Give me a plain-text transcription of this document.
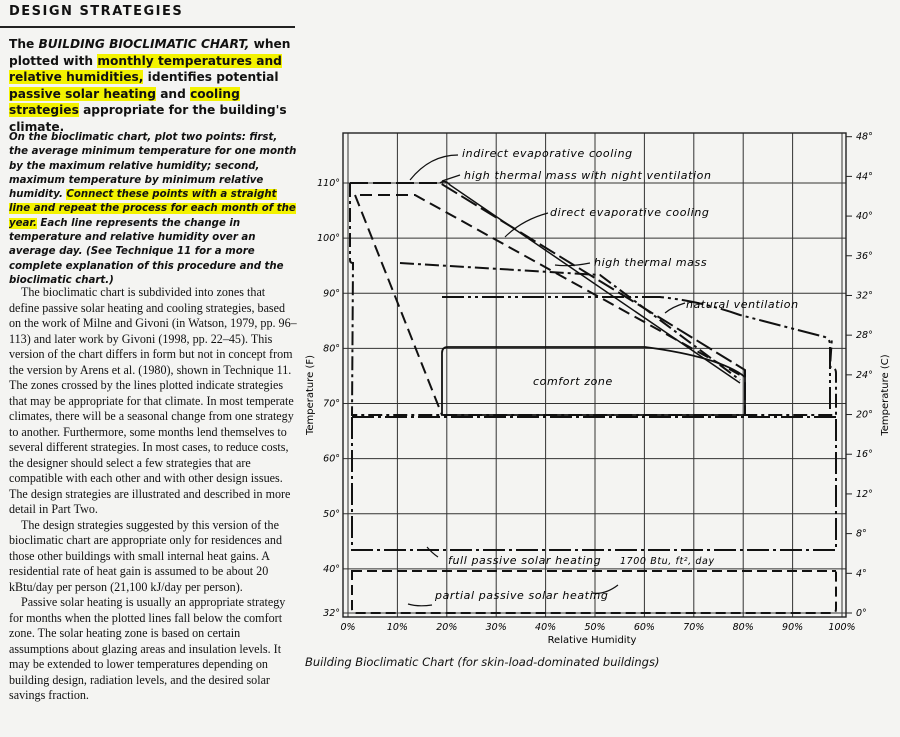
DESIGN STRATEGIES
The BUILDING BIOCLIMATIC CHART, when plotted with monthly temperatures and relative humidities, identifies potential passive solar heating and cooling strategies appropriate for the building's climate.
On the bioclimatic chart, plot two points: first, the average minimum temperature for one month by the maximum relative humidity; second, maximum temperature by minimum relative humidity. Connect these points with a straight line and repeat the process for each month of the year. Each line represents the change in temperature and relative humidity over an average day. (See Technique 11 for a more complete explanation of this procedure and the bioclimatic chart.)

The bioclimatic chart is subdivided into zones that define passive solar heating and cooling strategies, based on the work of Milne and Givoni (in Watson, 1979, pp. 96–113) and later work by Givoni (1998, pp. 22–45). This version of the chart differs in form but not in concept from the version by Arens et al. (1980), shown in Technique 11. The zones crossed by the lines plotted indicate strategies that may be appropriate for that climate. In most temperate climates, there will be a seasonal change from one strategy to another. Furthermore, some months lend themselves to several different strategies. In most cases, to reduce costs, the designer should select a few strategies that are compatible with each other and with other design issues. The design strategies are illustrated and described in more detail in Part Two.

The design strategies suggested by this version of the bioclimatic chart are appropriate only for residences and those other buildings with small internal heat gains. A residential rate of heat gain is assumed to be about 20 kBtu/day per person (21,100 kJ/day per person).

Passive solar heating is usually an appropriate strategy for months when the plotted lines fall below the comfort zone. The solar heating zone is based on certain assumptions about glazing areas and insulation levels. It may be extended to lower temperatures depending on building design, radiation levels, and the desired solar savings fraction.

0%	10%	20%	30%	40%	50%	60%	70%	80%	90%	100%
110°
100°
90°
80°
70°
60°
50°
40°
32°
48°
44°
40°
36°
32°
28°
24°
20°
16°
12°
8°
4°
0°
Relative Humidity
Temperature (F)	Temperature (C)
indirect evaporative cooling
high thermal mass with night ventilation
direct evaporative cooling
high thermal mass
natural ventilation
comfort zone
full passive solar heating 1700 Btu, ft², day
partial passive solar heating
Building Bioclimatic Chart (for skin-load-dominated buildings)
